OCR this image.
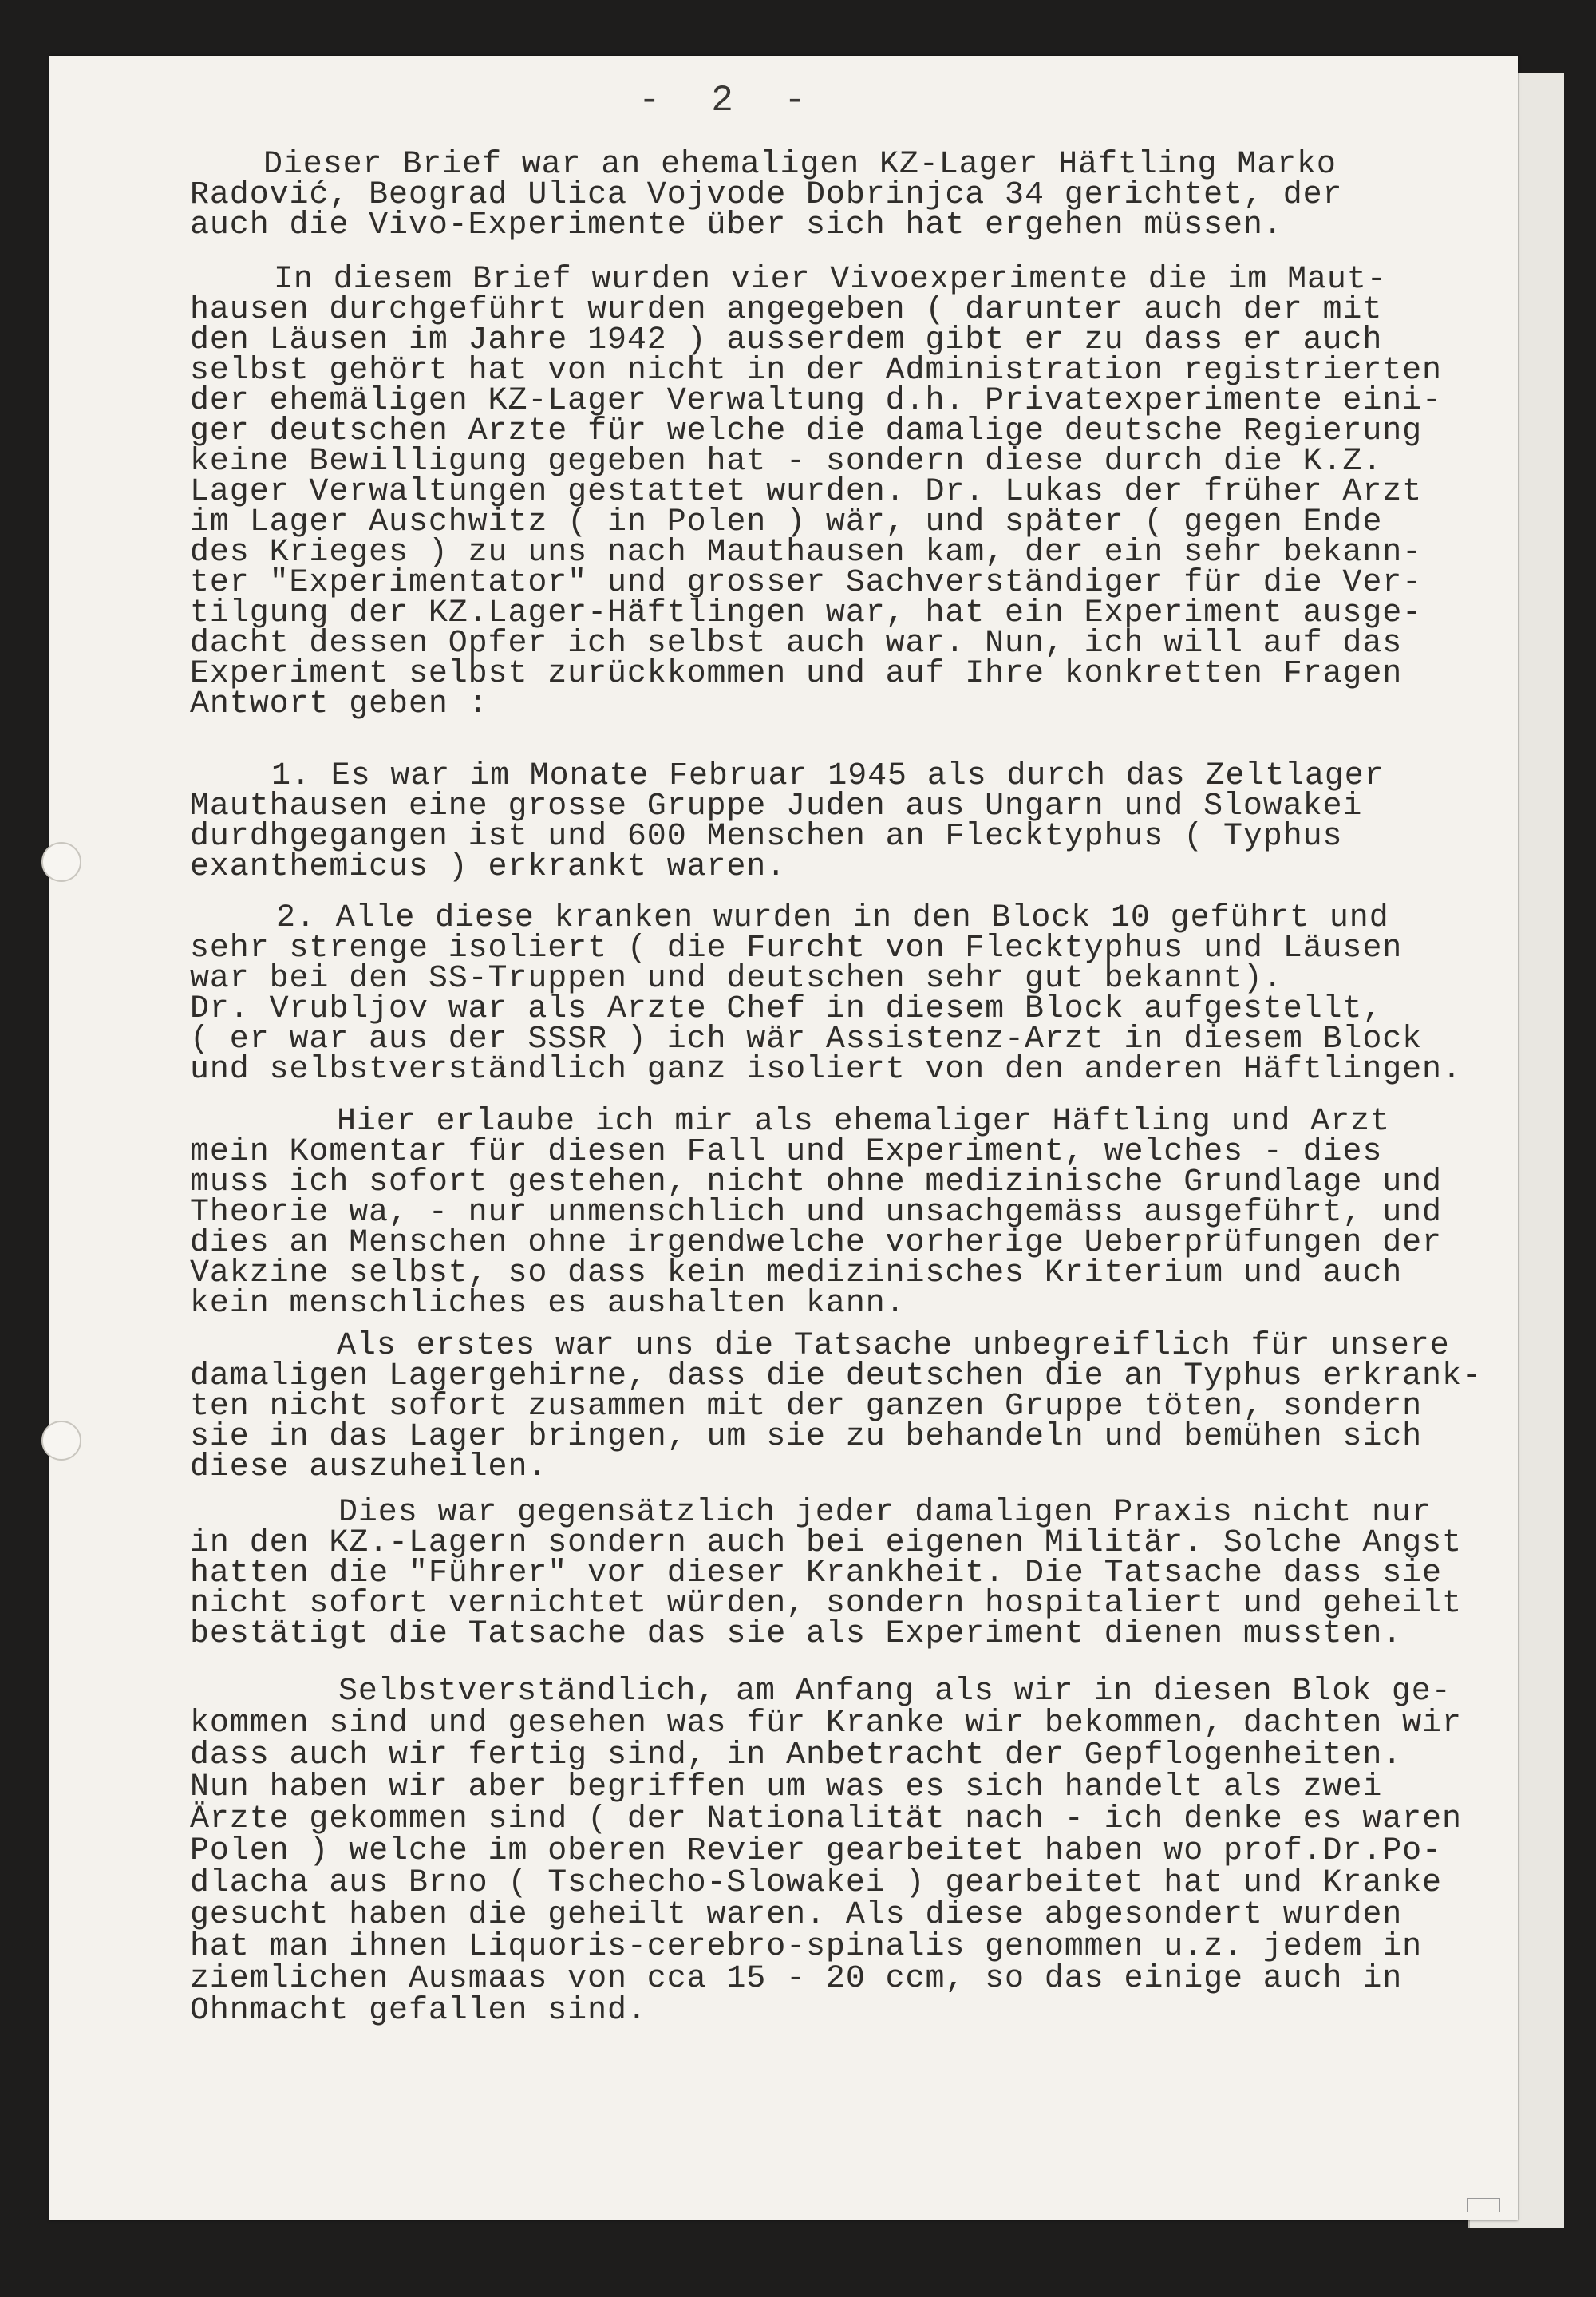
- 2 -
Dieser Brief war an ehemaligen KZ-Lager Häftling Marko
Radović, Beograd Ulica Vojvode Dobrinjca 34 gerichtet, der
auch die Vivo-Experimente über sich hat ergehen müssen.
In diesem Brief wurden vier Vivoexperimente die im Maut-
hausen durchgeführt wurden angegeben ( darunter auch der mit
den Läusen im Jahre 1942 ) ausserdem gibt er zu dass er auch
selbst gehört hat von nicht in der Administration registrierten
der ehemäligen KZ-Lager Verwaltung d.h. Privatexperimente eini-
ger deutschen Arzte für welche die damalige deutsche Regierung
keine Bewilligung gegeben hat - sondern diese durch die K.Z.
Lager Verwaltungen gestattet wurden. Dr. Lukas der früher Arzt
im Lager Auschwitz ( in Polen ) wär, und später ( gegen Ende
des Krieges ) zu uns nach Mauthausen kam, der ein sehr bekann-
ter "Experimentator" und grosser Sachverständiger für die Ver-
tilgung der KZ.Lager-Häftlingen war, hat ein Experiment ausge-
dacht dessen Opfer ich selbst auch war. Nun, ich will auf das
Experiment selbst zurückkommen und auf Ihre konkretten Fragen
Antwort geben :
1. Es war im Monate Februar 1945 als durch das Zeltlager
Mauthausen eine grosse Gruppe Juden aus Ungarn und Slowakei
durdhgegangen ist und 600 Menschen an Flecktyphus ( Typhus
exanthemicus ) erkrankt waren.
2. Alle diese kranken wurden in den Block 10 geführt und
sehr strenge isoliert ( die Furcht von Flecktyphus und Läusen
war bei den SS-Truppen und deutschen sehr gut bekannt).
Dr. Vrubljov war als Arzte Chef in diesem Block aufgestellt,
( er war aus der SSSR ) ich wär Assistenz-Arzt in diesem Block
und selbstverständlich ganz isoliert von den anderen Häftlingen.
Hier erlaube ich mir als ehemaliger Häftling und Arzt
mein Komentar für diesen Fall und Experiment, welches - dies
muss ich sofort gestehen, nicht ohne medizinische Grundlage und
Theorie wa, - nur unmenschlich und unsachgemäss ausgeführt, und
dies an Menschen ohne irgendwelche vorherige Ueberprüfungen der
Vakzine selbst, so dass kein medizinisches Kriterium und auch
kein menschliches es aushalten kann.
Als erstes war uns die Tatsache unbegreiflich für unsere
damaligen Lagergehirne, dass die deutschen die an Typhus erkrank-
ten nicht sofort zusammen mit der ganzen Gruppe töten, sondern
sie in das Lager bringen, um sie zu behandeln und bemühen sich
diese auszuheilen.
Dies war gegensätzlich jeder damaligen Praxis nicht nur
in den KZ.-Lagern sondern auch bei eigenen Militär. Solche Angst
hatten die "Führer" vor dieser Krankheit. Die Tatsache dass sie
nicht sofort vernichtet würden, sondern hospitaliert und geheilt
bestätigt die Tatsache das sie als Experiment dienen mussten.
Selbstverständlich, am Anfang als wir in diesen Blok ge-
kommen sind und gesehen was für Kranke wir bekommen, dachten wir
dass auch wir fertig sind, in Anbetracht der Gepflogenheiten.
Nun haben wir aber begriffen um was es sich handelt als zwei
Ärzte gekommen sind ( der Nationalität nach - ich denke es waren
Polen ) welche im oberen Revier gearbeitet haben wo prof.Dr.Po-
dlacha aus Brno ( Tschecho-Slowakei ) gearbeitet hat und Kranke
gesucht haben die geheilt waren. Als diese abgesondert wurden
hat man ihnen Liquoris-cerebro-spinalis genommen u.z. jedem in
ziemlichen Ausmaas von cca 15 - 20 ccm, so das einige auch in
Ohnmacht gefallen sind.
